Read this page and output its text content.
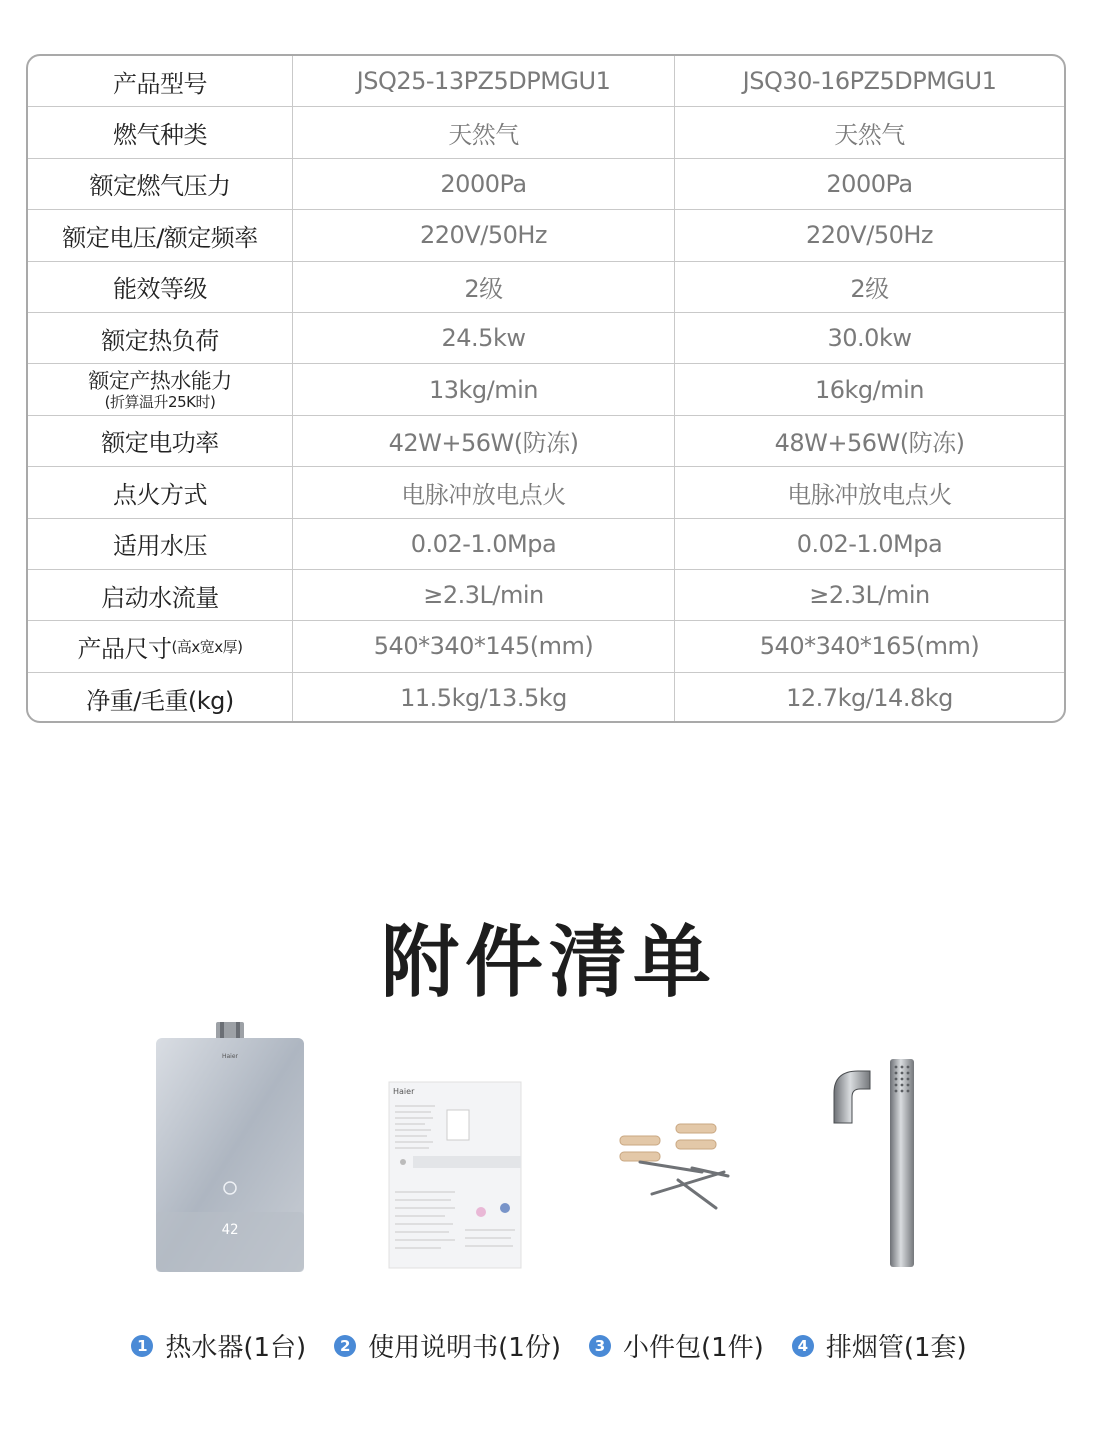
产品型号	JSQ25-13PZ5DPMGU1	JSQ30-16PZ5DPMGU1
燃气种类	天然气	天然气
额定燃气压力	2000Pa	2000Pa
额定电压/额定频率	220V/50Hz	220V/50Hz
能效等级	2级	2级
额定热负荷	24.5kw	30.0kw
额定产热水能力
(折算温升25K时)	13kg/min	16kg/min
额定电功率	42W+56W(防冻)	48W+56W(防冻)
点火方式	电脉冲放电点火	电脉冲放电点火
适用水压	0.02-1.0Mpa	0.02-1.0Mpa
启动水流量	≥2.3L/min	≥2.3L/min
产品尺寸 (高x宽x厚)	540*340*145(mm)	540*340*165(mm)
净重/毛重(kg)	11.5kg/13.5kg	12.7kg/14.8kg
附件清单
Haier
42
Haier
1 热水器(1台)	2 使用说明书(1份)	3 小件包(1件)	4 排烟管(1套)
